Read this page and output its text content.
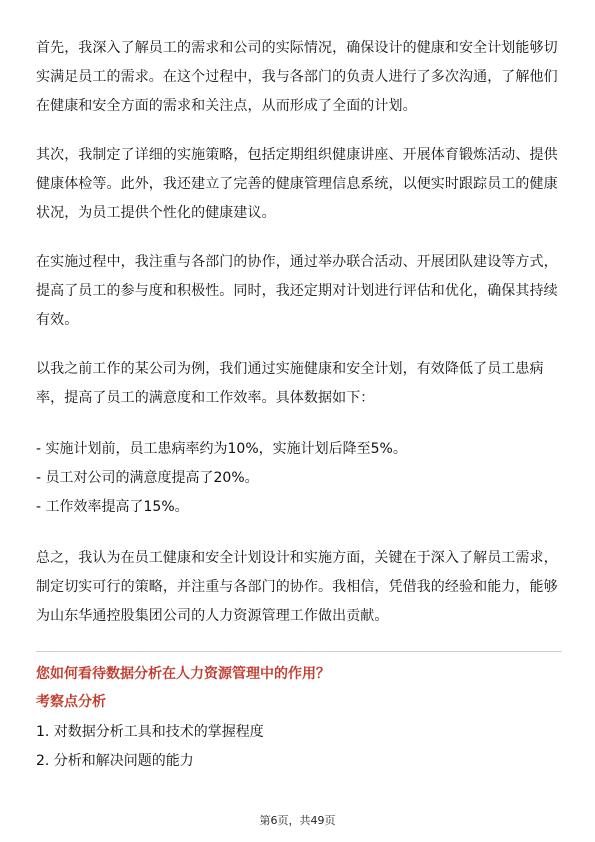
首先，我深入了解员工的需求和公司的实际情况，确保设计的健康和安全计划能够切实满足员工的需求。在这个过程中，我与各部门的负责人进行了多次沟通，了解他们在健康和安全方面的需求和关注点，从而形成了全面的计划。

其次，我制定了详细的实施策略，包括定期组织健康讲座、开展体育锻炼活动、提供健康体检等。此外，我还建立了完善的健康管理信息系统，以便实时跟踪员工的健康状况，为员工提供个性化的健康建议。

在实施过程中，我注重与各部门的协作，通过举办联合活动、开展团队建设等方式，提高了员工的参与度和积极性。同时，我还定期对计划进行评估和优化，确保其持续有效。

以我之前工作的某公司为例，我们通过实施健康和安全计划，有效降低了员工患病率，提高了员工的满意度和工作效率。具体数据如下：

- 实施计划前，员工患病率约为10%，实施计划后降至5%。
- 员工对公司的满意度提高了20%。
- 工作效率提高了15%。

总之，我认为在员工健康和安全计划设计和实施方面，关键在于深入了解员工需求，制定切实可行的策略，并注重与各部门的协作。我相信，凭借我的经验和能力，能够为山东华通控股集团公司的人力资源管理工作做出贡献。

您如何看待数据分析在人力资源管理中的作用？
考察点分析
1. 对数据分析工具和技术的掌握程度
2. 分析和解决问题的能力
第6页，共49页
